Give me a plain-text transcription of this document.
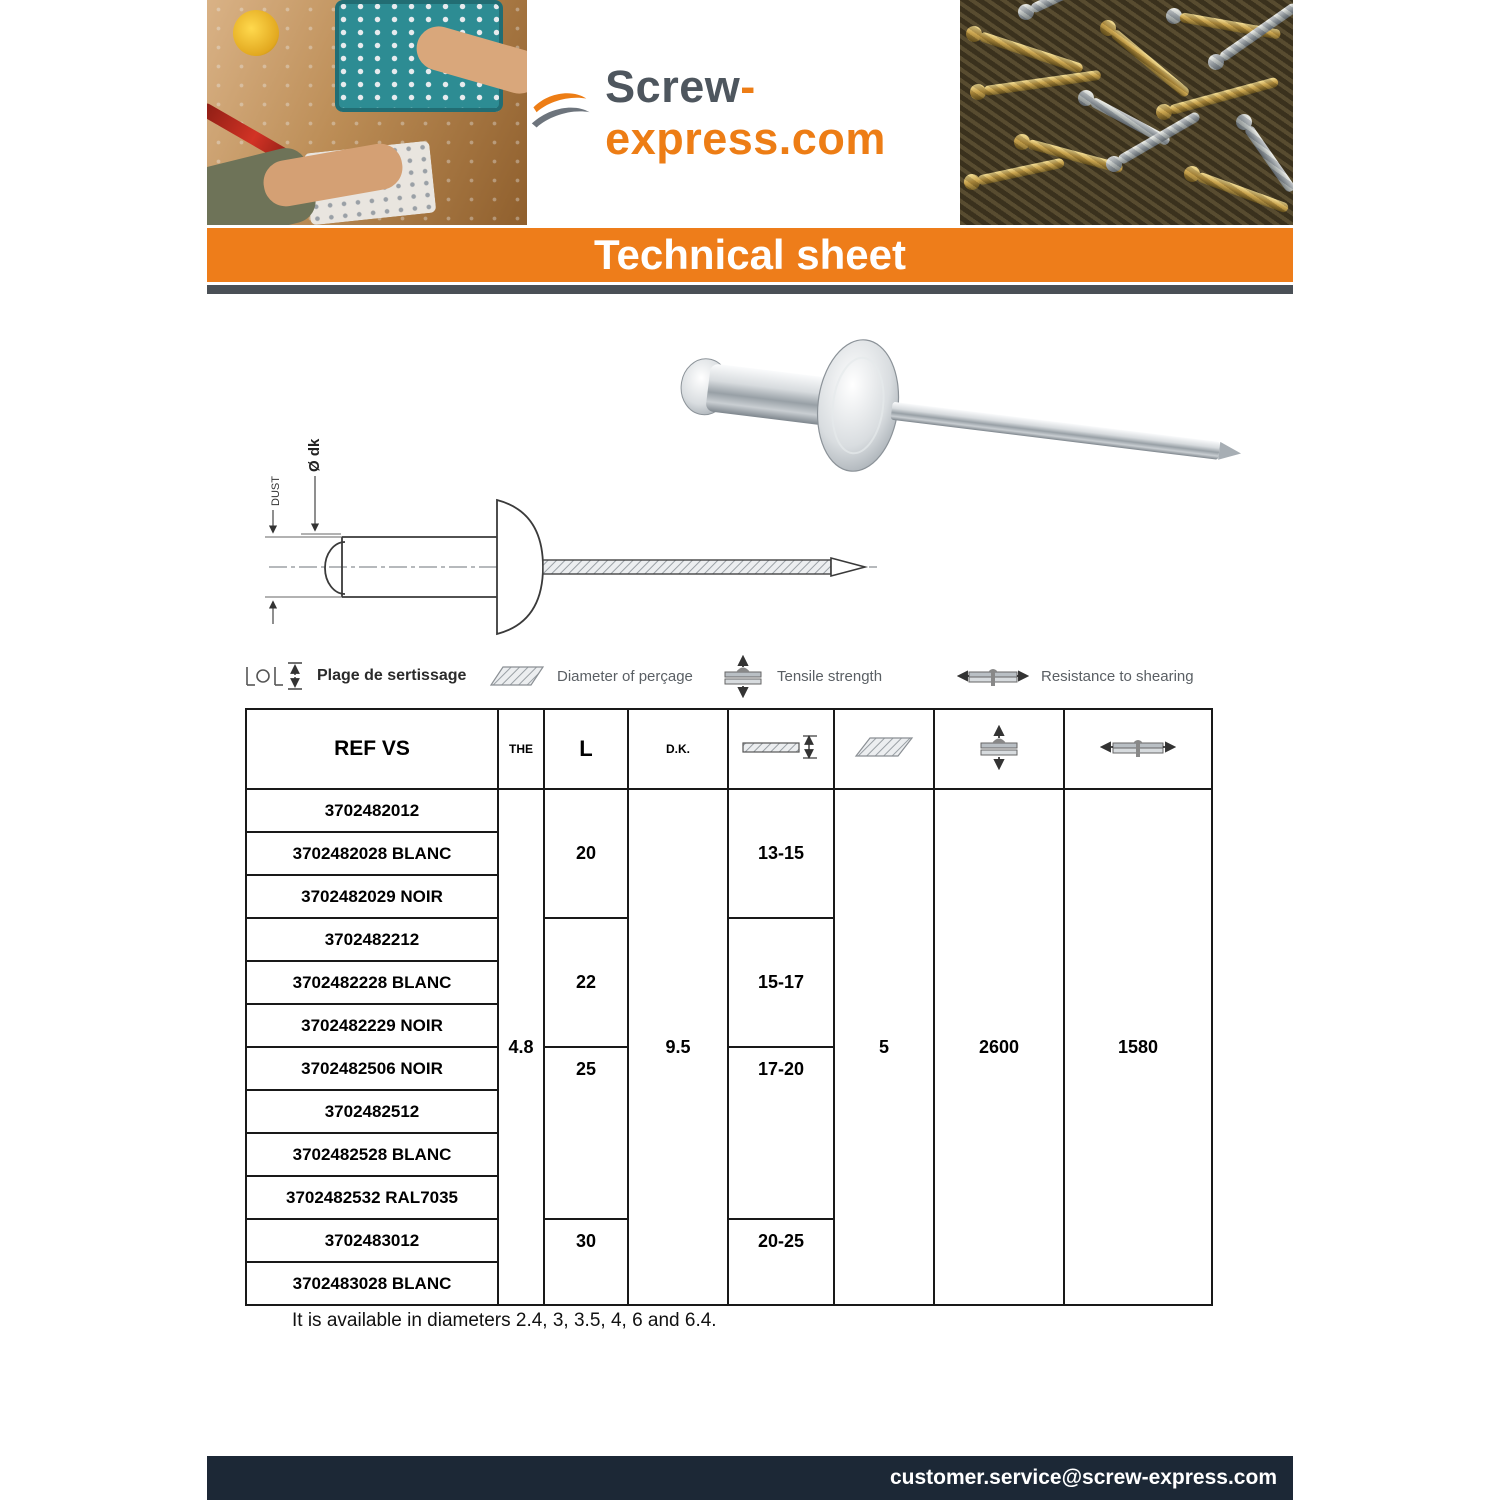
Screw-express.com
Technical sheet
Ø dk
DUST
Plage de sertissage	Diameter of perçage	Tensile strength	Resistance to shearing
REF VS	THE	L	D.K.				
3702482012	4.8	20	9.5	13-15	5	2600	1580
3702482028 BLANC							
3702482029 NOIR							
3702482212		22		15-17			
3702482228 BLANC							
3702482229 NOIR							
3702482506 NOIR		25		17-20			
3702482512							
3702482528 BLANC							
3702482532 RAL7035							
3702483012		30		20-25			
3702483028 BLANC							

It is available in diameters 2.4, 3, 3.5, 4, 6 and 6.4.

customer.service@screw-express.com
